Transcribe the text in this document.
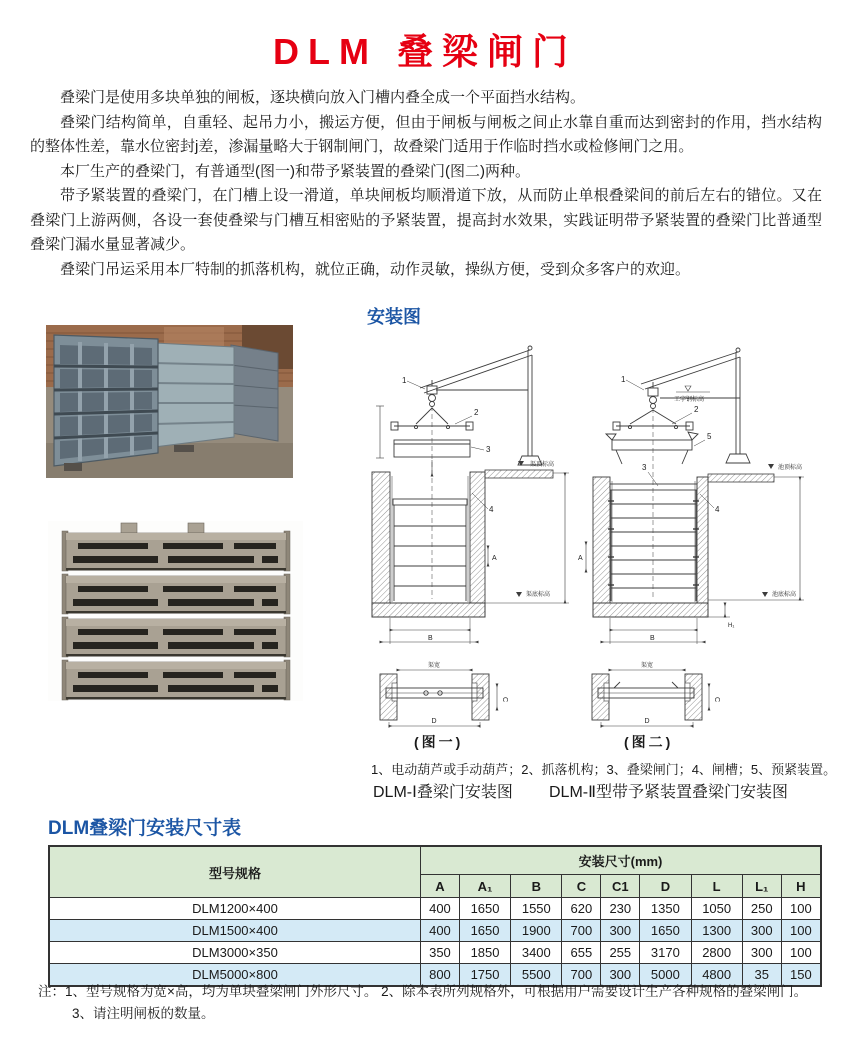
DLM 叠梁闸门

叠梁门是使用多块单独的闸板，逐块横向放入门槽内叠全成一个平面挡水结构。

叠梁门结构简单，自重轻、起吊力小，搬运方便，但由于闸板与闸板之间止水靠自重而达到密封的作用，挡水结构的整体性差，靠水位密封j差，渗漏量略大于钢制闸门，故叠梁门适用于作临时挡水或检修闸门之用。

本厂生产的叠梁门，有普通型(图一)和带予紧装置的叠梁门(图二)两种。

带予紧装置的叠梁门，在门槽上设一滑道，单块闸板均顺滑道下放，从而防止单根叠梁间的前后左右的错位。又在叠梁门上游两侧，各设一套使叠梁与门槽互相密贴的予紧装置，提高封水效果，实践证明带予紧装置的叠梁门比普通型叠梁门漏水量显著减少。

叠梁门吊运采用本厂特制的抓落机构，就位正确，动作灵敏，操纵方便，受到众多客户的欢迎。

安装图
1
2
3
渠顶标高
4
A
渠底标高
B
渠宽
D
C
1
工字钢标高
2
5
3	池顶标高
4
A
池底标高
H₁
B
渠宽
D
C
(图一)	(图二)
1、电动葫芦或手动葫芦；2、抓落机构；3、叠梁闸门；4、闸槽；5、预紧装置。
DLM-Ⅰ叠梁门安装图 DLM-Ⅱ型带予紧装置叠梁门安装图
DLM叠梁门安装尺寸表
型号规格	安装尺寸(mm)								
	A	A₁	B	C	C1	D	L	L₁	H
DLM1200×400	400	1650	1550	620	230	1350	1050	250	100
DLM1500×400	400	1650	1900	700	300	1650	1300	300	100
DLM3000×350	350	1850	3400	655	255	3170	2800	300	100
DLM5000×800	800	1750	5500	700	300	5000	4800	35	150

注：1、型号规格为宽×高，均为单块叠梁闸门外形尺寸。 2、除本表所列规格外，可根据用户需要设计生产各种规格的叠梁闸门。

3、请注明闸板的数量。
